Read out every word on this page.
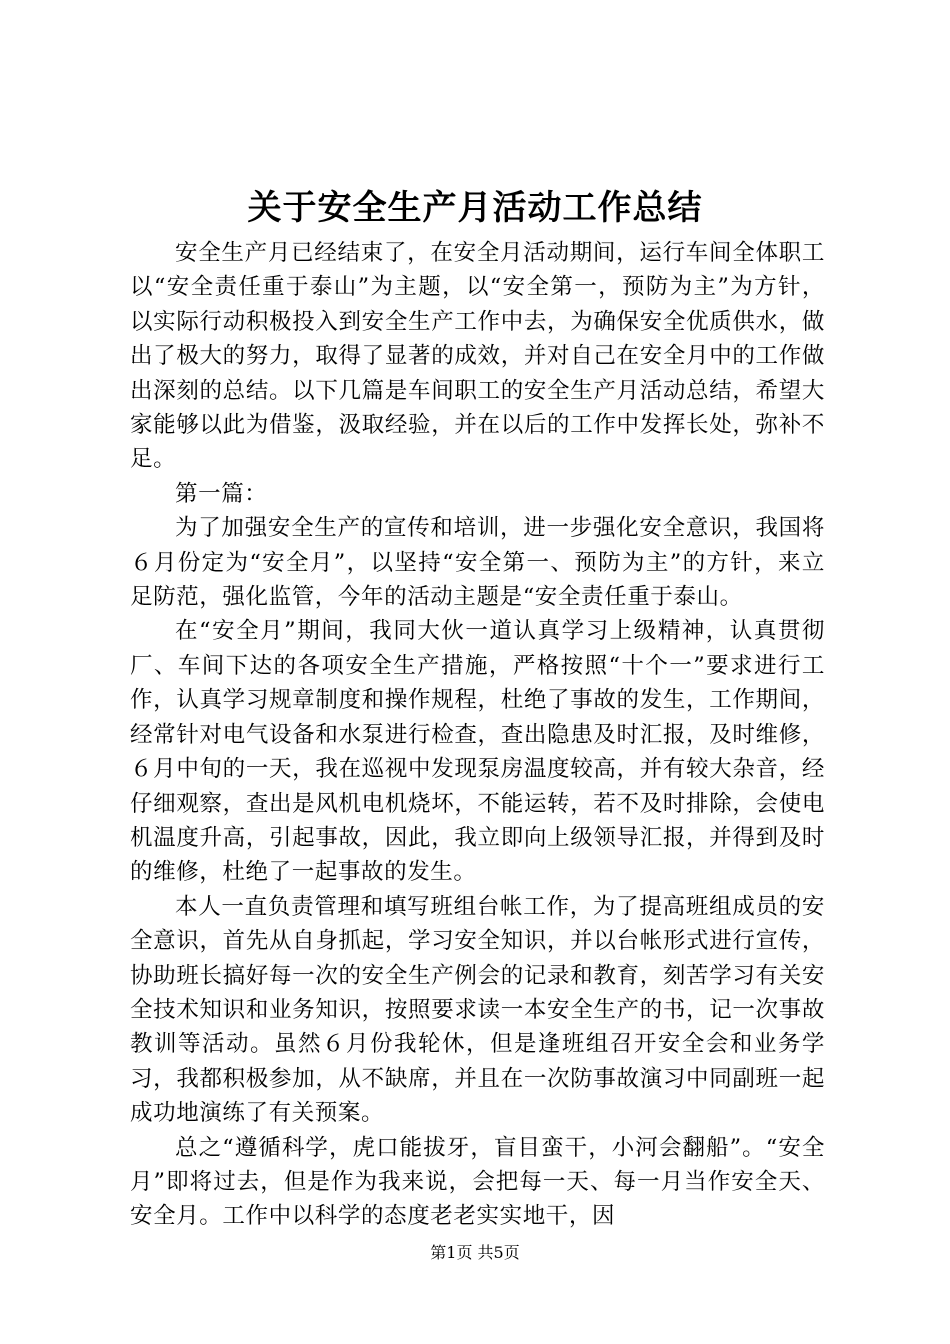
关于安全生产月活动工作总结

安全生产月已经结束了，在安全月活动期间，运行车间全体职工以“安全责任重于泰山”为主题，以“安全第一，预防为主”为方针，以实际行动积极投入到安全生产工作中去，为确保安全优质供水，做出了极大的努力，取得了显著的成效，并对自己在安全月中的工作做出深刻的总结。以下几篇是车间职工的安全生产月活动总结，希望大家能够以此为借鉴，汲取经验，并在以后的工作中发挥长处，弥补不足。

第一篇：

为了加强安全生产的宣传和培训，进一步强化安全意识，我国将６月份定为“安全月”，以坚持“安全第一、预防为主”的方针，来立足防范，强化监管，今年的活动主题是“安全责任重于泰山。

在“安全月”期间，我同大伙一道认真学习上级精神，认真贯彻厂、车间下达的各项安全生产措施，严格按照“十个一”要求进行工作，认真学习规章制度和操作规程，杜绝了事故的发生，工作期间，经常针对电气设备和水泵进行检查，查出隐患及时汇报，及时维修，６月中旬的一天，我在巡视中发现泵房温度较高，并有较大杂音，经仔细观察，查出是风机电机烧坏，不能运转，若不及时排除，会使电机温度升高，引起事故，因此，我立即向上级领导汇报，并得到及时的维修，杜绝了一起事故的发生。

本人一直负责管理和填写班组台帐工作，为了提高班组成员的安全意识，首先从自身抓起，学习安全知识，并以台帐形式进行宣传，协助班长搞好每一次的安全生产例会的记录和教育，刻苦学习有关安全技术知识和业务知识，按照要求读一本安全生产的书，记一次事故教训等活动。虽然６月份我轮休，但是逢班组召开安全会和业务学习，我都积极参加，从不缺席，并且在一次防事故演习中同副班一起成功地演练了有关预案。

总之“遵循科学，虎口能拔牙，盲目蛮干，小河会翻船”。“安全月”即将过去，但是作为我来说，会把每一天、每一月当作安全天、安全月。工作中以科学的态度老老实实地干，因

第1页 共5页
